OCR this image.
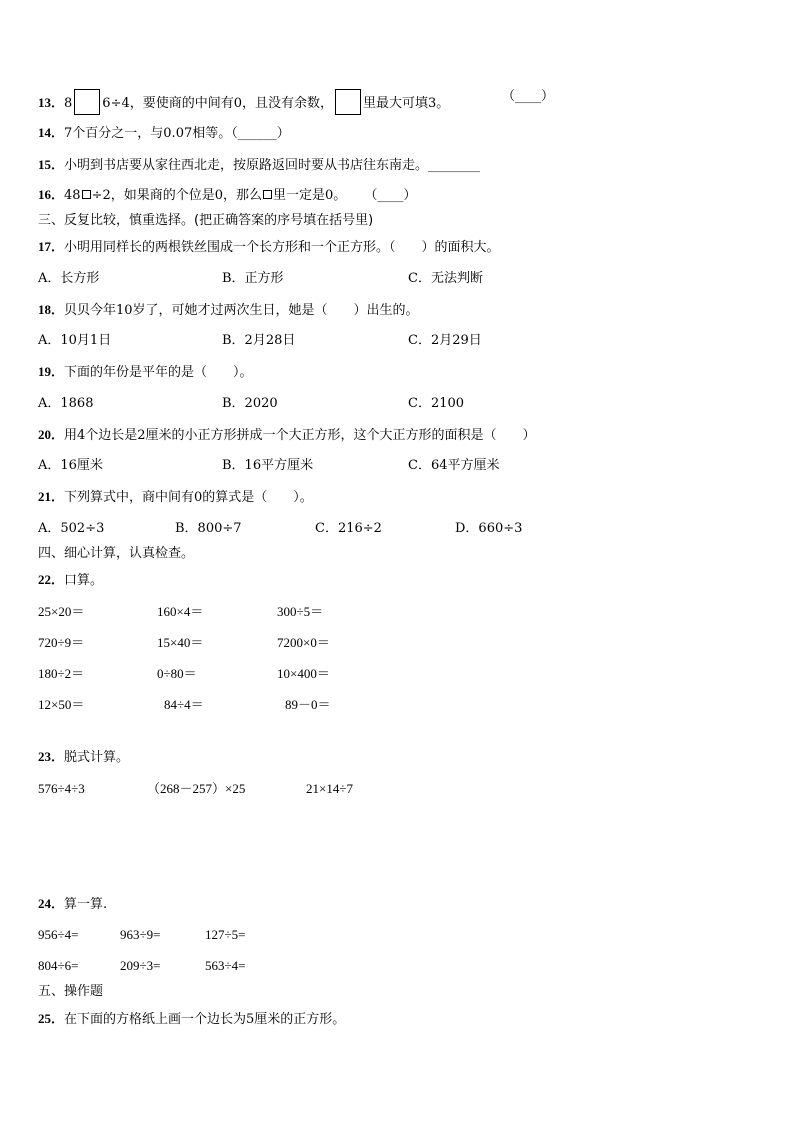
13．8 6÷4，要使商的中间有0，且没有余数， 里最大可填3。	（____）
14．7个百分之一，与0.07相等。（______）
15．小明到书店要从家往西北走，按原路返回时要从书店往东南走。________
16．48 ÷2，如果商的个位是0，那么 里一定是0。 （____）
三、反复比较，慎重选择。(把正确答案的序号填在括号里)
17．小明用同样长的两根铁丝围成一个长方形和一个正方形。（　　）的面积大。
A．长方形	B．正方形	C．无法判断
18．贝贝今年10岁了，可她才过两次生日，她是（　　）出生的。
A．10月1日	B．2月28日	C．2月29日
19．下面的年份是平年的是（　　）。
A．1868	B．2020	C．2100
20．用4个边长是2厘米的小正方形拼成一个大正方形，这个大正方形的面积是（　　）
A．16厘米	B．16平方厘米	C．64平方厘米
21．下列算式中，商中间有0的算式是（　　）。
A．502÷3	B．800÷7	C．216÷2	D．660÷3
四、细心计算，认真检查。
22．口算。
25×20＝	160×4＝	300÷5＝
720÷9＝	15×40＝	7200×0＝
180÷2＝	0÷80＝	10×400＝
12×50＝	84÷4＝	89－0＝
23．脱式计算。
576÷4÷3	（268－257）×25	21×14÷7
24．算一算.
956÷4=	963÷9=	127÷5=
804÷6=	209÷3=	563÷4=
五、操作题
25．在下面的方格纸上画一个边长为5厘米的正方形。
